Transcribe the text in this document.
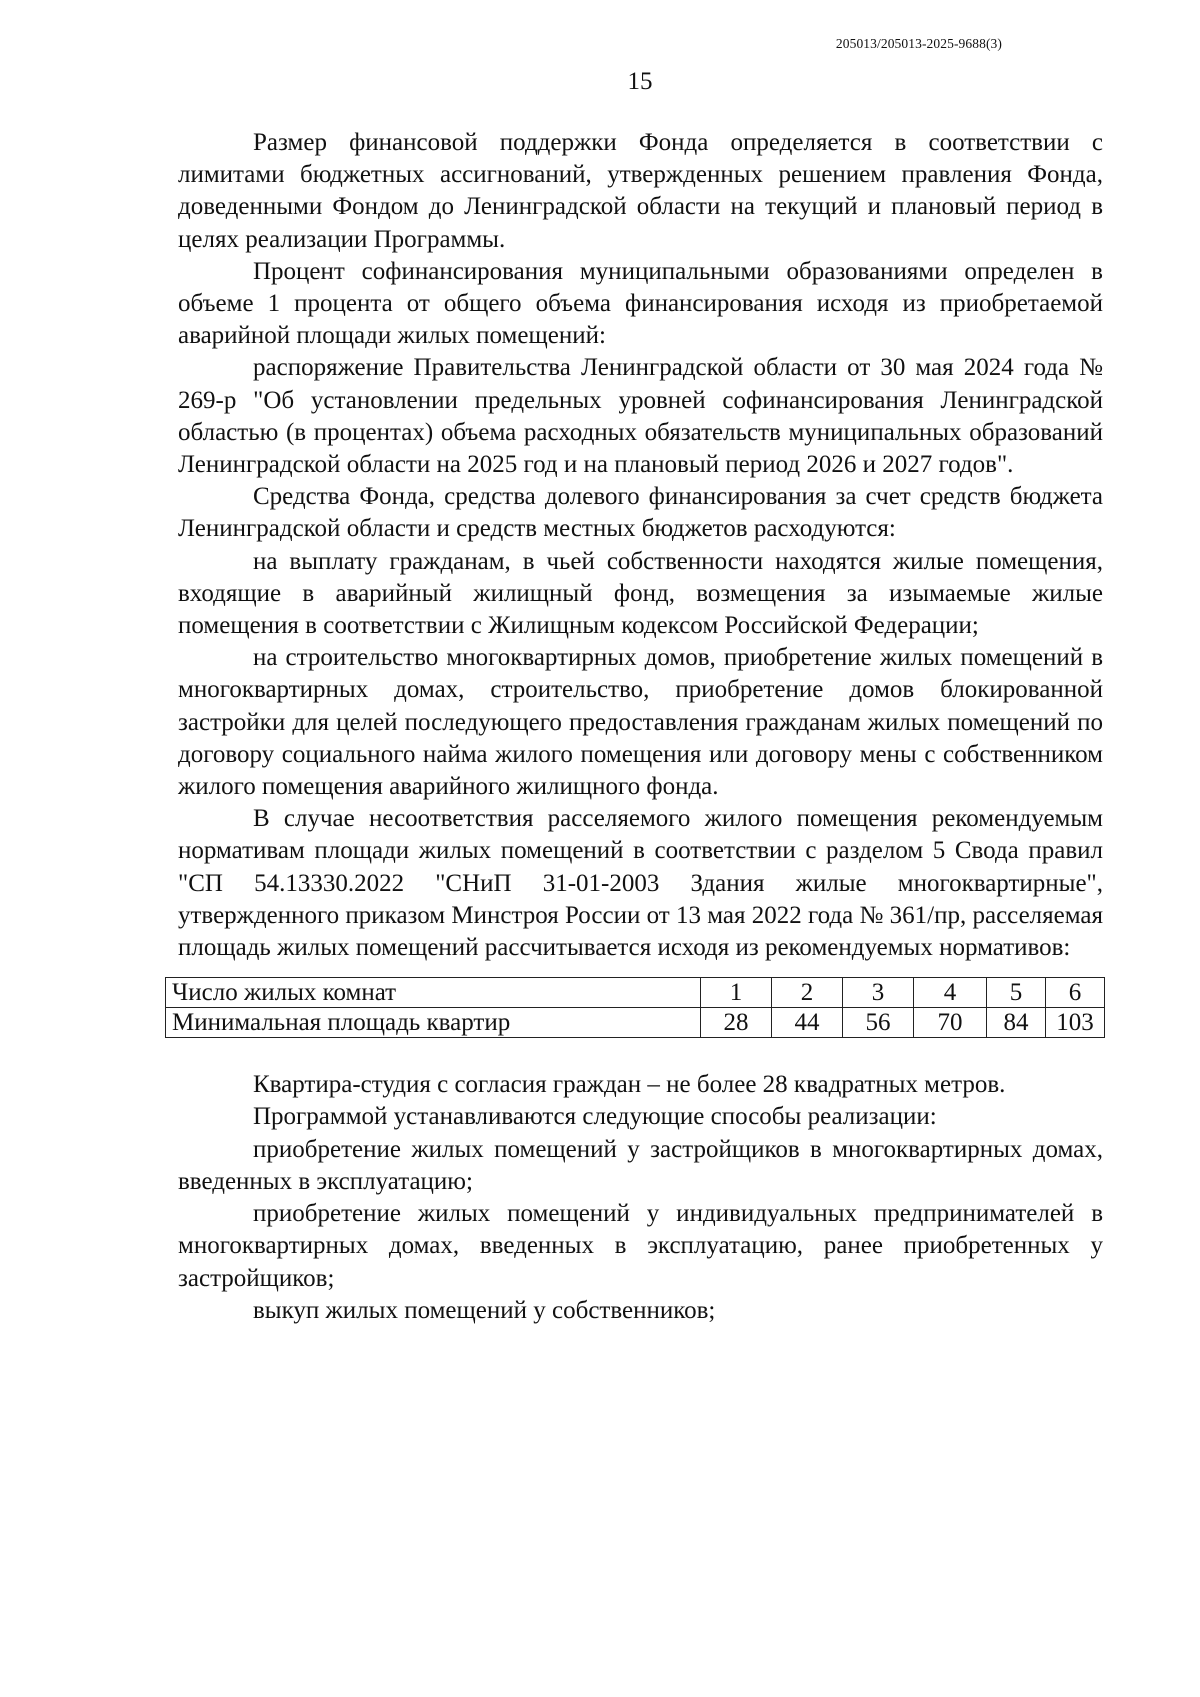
205013/205013-2025-9688(3)
15

Размер финансовой поддержки Фонда определяется в соответствии с лимитами бюджетных ассигнований, утвержденных решением правления Фонда, доведенными Фондом до Ленинградской области на текущий и плановый период в целях реализации Программы.

Процент софинансирования муниципальными образованиями определен в объеме 1 процента от общего объема финансирования исходя из приобретаемой аварийной площади жилых помещений:

распоряжение Правительства Ленинградской области от 30 мая 2024 года № 269-р "Об установлении предельных уровней софинансирования Ленинградской областью (в процентах) объема расходных обязательств муниципальных образований Ленинградской области на 2025 год и на плановый период 2026 и 2027 годов".

Средства Фонда, средства долевого финансирования за счет средств бюджета Ленинградской области и средств местных бюджетов расходуются:

на выплату гражданам, в чьей собственности находятся жилые помещения, входящие в аварийный жилищный фонд, возмещения за изымаемые жилые помещения в соответствии с Жилищным кодексом Российской Федерации;

на строительство многоквартирных домов, приобретение жилых помещений в многоквартирных домах, строительство, приобретение домов блокированной застройки для целей последующего предоставления гражданам жилых помещений по договору социального найма жилого помещения или договору мены с собственником жилого помещения аварийного жилищного фонда.

В случае несоответствия расселяемого жилого помещения рекомендуемым нормативам площади жилых помещений в соответствии с разделом 5 Свода правил "СП 54.13330.2022 "СНиП 31-01-2003 Здания жилые многоквартирные", утвержденного приказом Минстроя России от 13 мая 2022 года № 361/пр, расселяемая площадь жилых помещений рассчитывается исходя из рекомендуемых нормативов:

Число жилых комнат	1	2	3	4	5	6
Минимальная площадь квартир	28	44	56	70	84	103

Квартира-студия с согласия граждан – не более 28 квадратных метров.

Программой устанавливаются следующие способы реализации:

приобретение жилых помещений у застройщиков в многоквартирных домах, введенных в эксплуатацию;

приобретение жилых помещений у индивидуальных предпринимателей в многоквартирных домах, введенных в эксплуатацию, ранее приобретенных у застройщиков;

выкуп жилых помещений у собственников;
